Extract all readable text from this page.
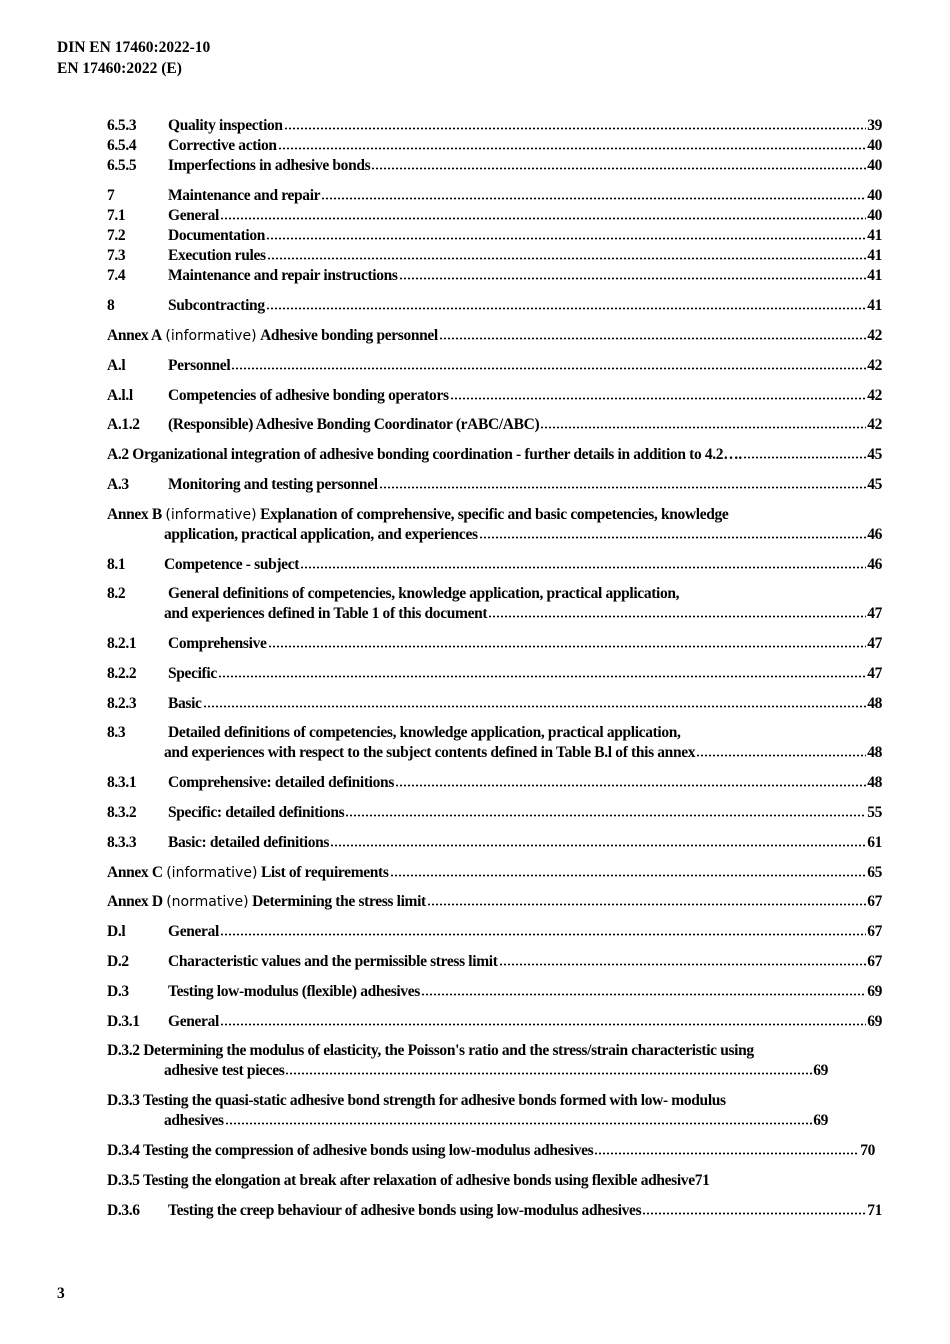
DIN EN 17460:2022-10
EN 17460:2022 (E)
6.5.3	Quality inspection	39
6.5.4	Corrective action	40
6.5.5	Imperfections in adhesive bonds	40
7	Maintenance and repair	40
7.1	General	40
7.2	Documentation	41
7.3	Execution rules	41
7.4	Maintenance and repair instructions	41
8	Subcontracting	41
Annex A
(informative)
Adhesive bonding personnel	42
A.l	Personnel	42
A.l.l	Competencies of adhesive bonding operators	42
A.1.2	(Responsible) Adhesive Bonding Coordinator (rABC/ABC)	42
A.2 Organizational integration of adhesive bonding coordination - further details in addition to 4.2….	45
A.3	Monitoring and testing personnel	45
Annex B
(informative)
Explanation of comprehensive, specific and basic competencies, knowledge
application, practical application, and experiences	46
8.1	Competence - subject	46
8.2	General definitions of competencies, knowledge application, practical application,
and experiences defined in Table 1 of this document	47
8.2.1	Comprehensive	47
8.2.2	Specific	47
8.2.3	Basic	48
8.3	Detailed definitions of competencies, knowledge application, practical application,
and experiences with respect to the subject contents defined in Table B.l of this annex	48
8.3.1	Comprehensive: detailed definitions	48
8.3.2	Specific: detailed definitions	55
8.3.3	Basic: detailed definitions	61
Annex C
(informative)
List of requirements	65
Annex D
(normative)
Determining the stress limit	67
D.l	General	67
D.2	Characteristic values and the permissible stress limit	67
D.3	Testing low-modulus (flexible) adhesives	69
D.3.1	General	69
D.3.2 Determining the modulus of elasticity, the Poisson's ratio and the stress/strain characteristic using
adhesive test pieces	69
D.3.3 Testing the quasi-static adhesive bond strength for adhesive bonds formed with low- modulus
adhesives	69
D.3.4 Testing the compression of adhesive bonds using low-modulus adhesives	70
D.3.5 Testing the elongation at break after relaxation of adhesive bonds using flexible adhesive 71
D.3.6	Testing the creep behaviour of adhesive bonds using low-modulus adhesives	71
3
